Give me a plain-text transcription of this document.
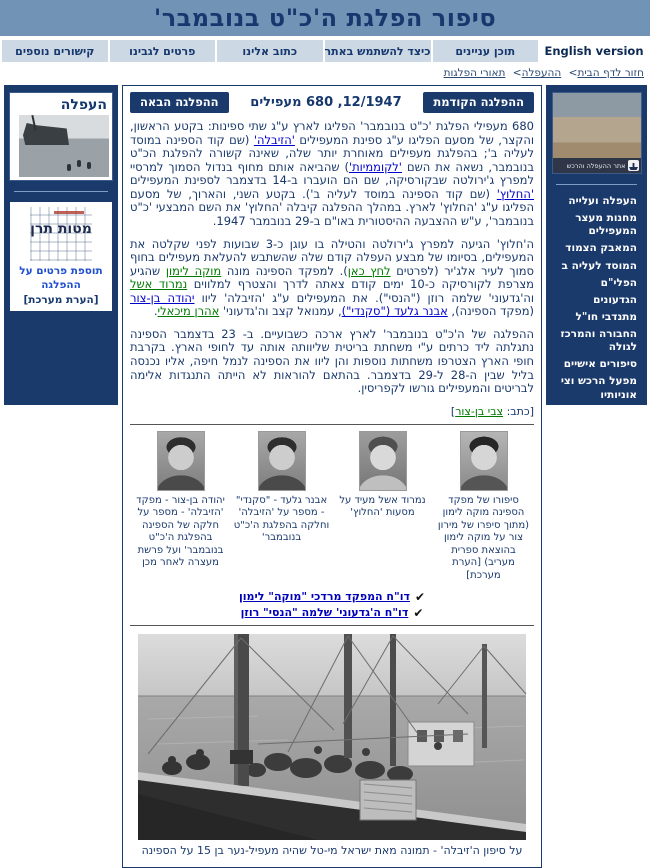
סיפור הפלגת ה'כ"ט בנובמבר'
English version
תוכן עניינים
כיצד להשתמש באתר
כתוב אלינו
פרטים לגבינו
קישורים נוספים
חזור לדף הבית> ההעפלה> תאורי הפלגות
אתר ההעפלה והרכש
העפלה ועלייה
מחנות מעצר המעפילים
המאבק הצמוד
המוסד לעליה ב
הפלי"ם
הגדעונים
מתנדבי חו"ל
החבורה והמרכז לגולה
סיפורים אישיים
מפעל הרכש וצי אוניותיו
חיל הים בראשיתו
ראשוני הימאים
מצגות
ההפלגה הקודמת
12/1947, 680 מעפילים
ההפלגה הבאה

680 מעפילי הפלגת 'כ"ט בנובמבר' הפליגו לארץ ע"ג שתי ספינות: בקטע הראשון, והקצר, של מסעם הפליגו ע"ג ספינת המעפילים 'הזיבלה' (שם קוד הספינה במוסד לעליה ב'; בהפלגת מעפילים מאוחרת יותר שלה, שאינה קשורה להפלגת הכ"ט בנובמבר, נשאה את השם 'לקוממיות') שהביאה אותם מחוף בנדול הסמוך למרסיי למפרץ ג'ירולטה שבקורסיקה, שם הם הועברו ב-14 בדצמבר לספינת המעפילים 'החלוץ' (שם קוד הספינה במוסד לעליה ב'). בקטע השני, והארוך, של מסעם הפליגו ע"ג 'החלוץ' לארץ. במהלך ההפלגה קיבלה 'החלוץ' את השם המבצעי 'כ"ט בנובמבר', ע"ש ההצבעה ההיסטורית באו"ם ב-29 בנובמבר 1947.

ה'חלוץ' הגיעה למפרץ ג'ירולטה והטילה בו עוגן כ-3 שבועות לפני שקלטה את המעפילים, בסיומו של מבצע העפלה קודם שלה שהשתבש להעלאת מעפילים בחוף סמוך לעיר אלג'יר (לפרטים לחץ כאן). למפקד הספינה מונה מוקה לימון שהגיע מצרפת לקורסיקה כ-10 ימים קודם צאתה לדרך והצטרף למלווים נמרוד אשל וה'גדעוני' שלמה רוזן ("הנסי"). את המעפילים ע"ג 'הזיבלה' ליוו יהודה בן-צור (מפקד הספינה), אבנר גלעד ("סקנדי"), עמנואל קצב וה'גדעוני' אהרן מיכאלי.

ההפלגה של ה'כ"ט בנובמבר' לארץ ארכה כשבועיים. ב- 23 בדצמבר הספינה נתגלתה ליד כרתים ע"י משחתת בריטית שליוותה אותה עד לחופי הארץ. בקרבת חופי הארץ הצטרפו משחתות נוספות והן ליוו את הספינה לנמל חיפה, אליו נכנסה בליל שבין ה-28 ל-29 בדצמבר. בהתאם להוראות לא הייתה התנגדות אלימה לבריטים והמעפילים גורשו לקפריסין.

[כתב: צבי בן-צור]
סיפורו של מפקד הספינה מוקה לימון (מתוך סיפרו של מירון צור על מוקה לימון בהוצאת ספרית מעריב) [הערת מערכת]
נמרוד אשל מעיד על מסעות 'החלוץ'
אבנר גלעד - "סקנדי" - מספר על 'הזיבלה' וחלקה בהפלגת ה'כ"ט בנובמבר'
יהודה בן-צור - מפקד 'הזיבלה' - מספר על חלקה של הספינה בהפלגת ה'כ"ט בנובמבר' ועל פרשת מעצרה לאחר מכן
✔
דו"ח המפקד מרדכי "מוקה" לימון
✔
דו"ח ה'גדעוני' שלמה "הנסי" רוזן
על סיפון ה'זיבלה' - תמונה מאת ישראל מי-טל שהיה מעפיל-נער בן 15 על הספינה
העפלה
מטות תרן
תוספת פרטים על ההפלגה
[הערת מערכת]
